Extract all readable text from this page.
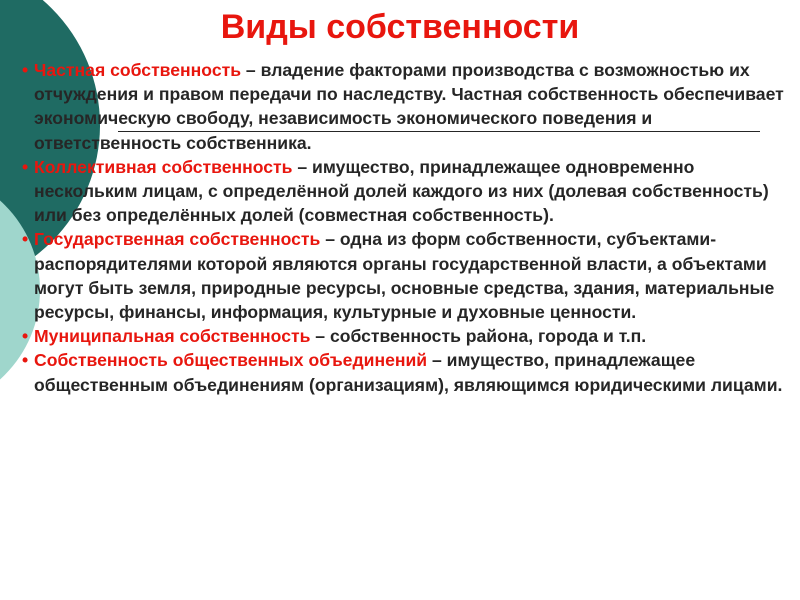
Виды собственности

• Частная собственность – владение факторами производства с возможностью их отчуждения и правом передачи по наследству. Частная собственность обеспечивает экономическую свободу, независимость экономического поведения и ответственность собственника.

• Коллективная собственность – имущество, принадлежащее одновременно нескольким лицам, с определённой долей каждого из них (долевая собственность) или без определённых долей (совместная собственность).

• Государственная собственность – одна из форм собственности, субъектами-распорядителями которой являются органы государственной власти, а объектами могут быть земля, природные ресурсы, основные средства, здания, материальные ресурсы, финансы, информация, культурные и духовные ценности.

• Муниципальная собственность – собственность района, города и т.п.

• Собственность общественных объединений – имущество, принадлежащее общественным объединениям (организациям), являющимся юридическими лицами.
